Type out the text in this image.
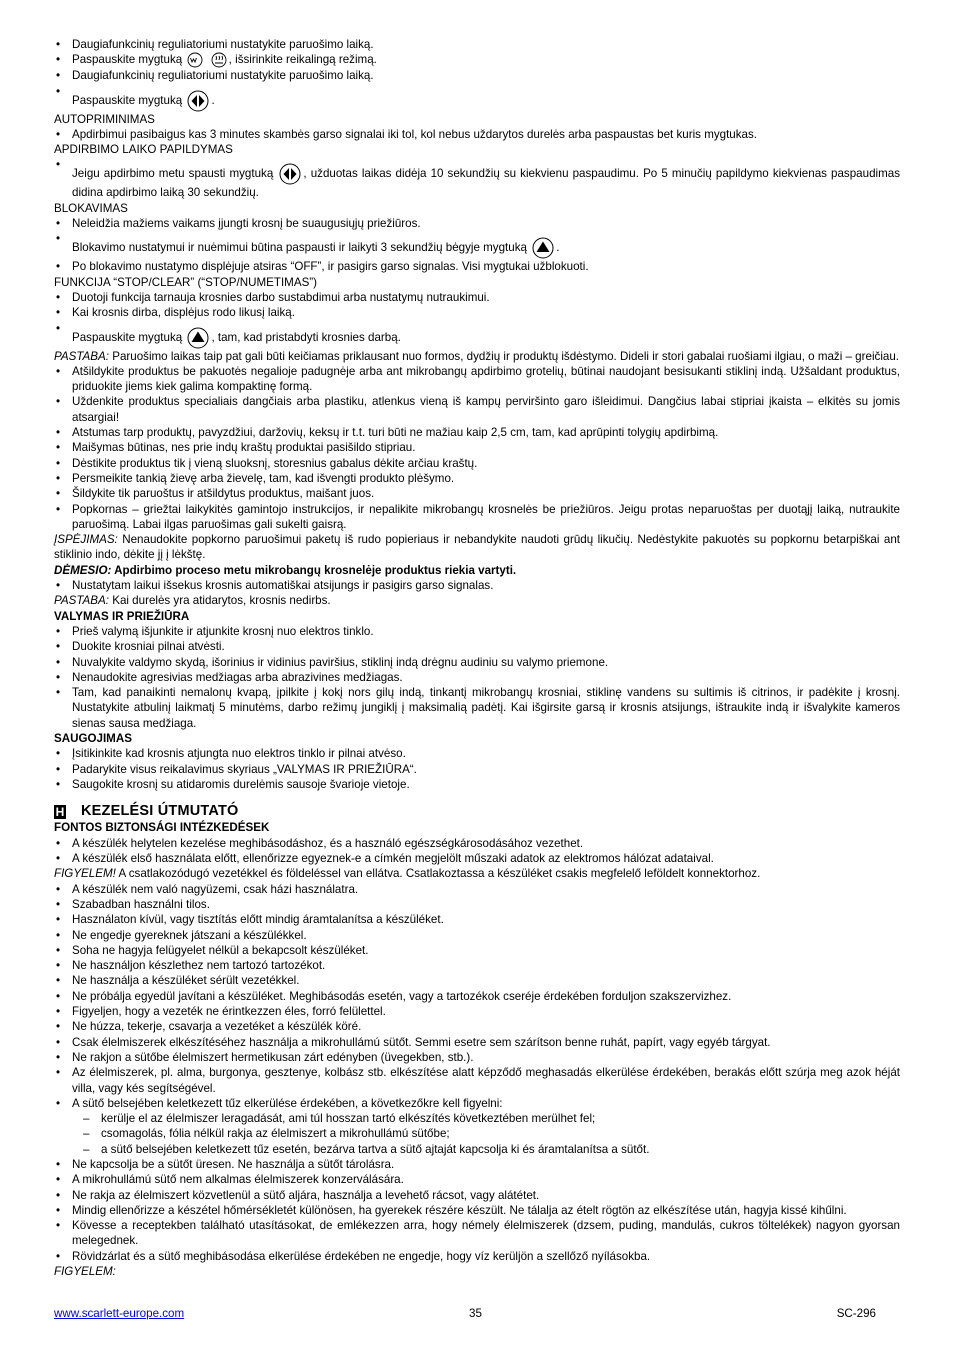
• Daugiafunkcinių reguliatoriumi nustatykite paruošimo laiką.

• Paspauskite mygtuką
	, išsirinkite reikalingą režimą.

• Daugiafunkcinių reguliatoriumi nustatykite paruošimo laiką.

• Paspauskite mygtuką	.

AUTOPRIMINIMAS

• Apdirbimui pasibaigus kas 3 minutes skambės garso signalai iki tol, kol nebus uždarytos durelės arba paspaustas bet kuris mygtukas.

APDIRBIMO LAIKO PAPILDYMAS

• Jeigu apdirbimo metu spausti mygtuką	, užduotas laikas didėja 10 sekundžių su kiekvienu paspaudimu. Po 5 minučių papildymo kiekvienas paspaudimas didina apdirbimo laiką 30 sekundžių.

BLOKAVIMAS

• Neleidžia mažiems vaikams įjungti krosnį be suaugusiųjų priežiūros.

• Blokavimo nustatymui ir nuėmimui būtina paspausti ir laikyti 3 sekundžių bėgyje mygtuką	.

• Po blokavimo nustatymo displėjuje atsiras “OFF”, ir pasigirs garso signalas. Visi mygtukai užblokuoti.

FUNKCIJA “STOP/CLEAR” (“STOP/NUMETIMAS”)

• Duotoji funkcija tarnauja krosnies darbo sustabdimui arba nustatymų nutraukimui.

• Kai krosnis dirba, displėjus rodo likusį laiką.

• Paspauskite mygtuką	, tam, kad pristabdyti krosnies darbą.

PASTABA: Paruošimo laikas taip pat gali būti keičiamas priklausant nuo formos, dydžių ir produktų išdėstymo. Dideli ir stori gabalai ruošiami ilgiau, o maži – greičiau.

• Atšildykite produktus be pakuotės negalioje padugnėje arba ant mikrobangų apdirbimo grotelių, būtinai naudojant besisukanti stiklinį indą. Užšaldant produktus, priduokite jiems kiek galima kompaktinę formą.

• Uždenkite produktus specialiais dangčiais arba plastiku, atlenkus vieną iš kampų perviršinto garo išleidimui. Dangčius labai stipriai įkaista – elkitės su jomis atsargiai!

• Atstumas tarp produktų, pavyzdžiui, daržovių, keksų ir t.t. turi būti ne mažiau kaip 2,5 cm, tam, kad aprūpinti tolygių apdirbimą.

• Maišymas būtinas, nes prie indų kraštų produktai pasišildo stipriau.

• Dėstikite produktus tik į vieną sluoksnį, storesnius gabalus dėkite arčiau kraštų.

• Persmeikite tankią žievę arba žievelę, tam, kad išvengti produkto plėšymo.

• Šildykite tik paruoštus ir atšildytus produktus, maišant juos.

• Popkornas – griežtai laikykitės gamintojo instrukcijos, ir nepalikite mikrobangų krosnelės be priežiūros. Jeigu protas neparuoštas per duotąjį laiką, nutraukite paruošimą. Labai ilgas paruošimas gali sukelti gaisrą.

ĮSPĖJIMAS: Nenaudokite popkorno paruošimui paketų iš rudo popieriaus ir nebandykite naudoti grūdų likučių. Nedėstykite pakuotės su popkornu betarpiškai ant stiklinio indo, dėkite jį į lėkštę.

DĖMESIO: Apdirbimo proceso metu mikrobangų krosnelėje produktus riekia vartyti.

• Nustatytam laikui išsekus krosnis automatiškai atsijungs ir pasigirs garso signalas.

PASTABA: Kai durelės yra atidarytos, krosnis nedirbs.

VALYMAS IR PRIEŽIŪRA

• Prieš valymą išjunkite ir atjunkite krosnį nuo elektros tinklo.

• Duokite krosniai pilnai atvėsti.

• Nuvalykite valdymo skydą, išorinius ir vidinius paviršius, stiklinį indą drėgnu audiniu su valymo priemone.

• Nenaudokite agresivias medžiagas arba abrazivines medžiagas.

• Tam, kad panaikinti nemalonų kvapą, įpilkite į kokį nors gilų indą, tinkantį mikrobangų krosniai, stiklinę vandens su sultimis iš citrinos, ir padėkite į krosnį. Nustatykite atbulinį laikmatį 5 minutėms, darbo režimų jungiklį į maksimalią padėtį. Kai išgirsite garsą ir krosnis atsijungs, ištraukite indą ir išvalykite kameros sienas sausa medžiaga.

SAUGOJIMAS

• Įsitikinkite kad krosnis atjungta nuo elektros tinklo ir pilnai atvėso.

• Padarykite visus reikalavimus skyriaus „VALYMAS IR PRIEŽIŪRA“.

• Saugokite krosnį su atidaromis durelėmis sausoje švarioje vietoje.

H KEZELÉSI ÚTMUTATÓ

FONTOS BIZTONSÁGI INTÉZKEDÉSEK

• A készülék helytelen kezelése meghibásodáshoz, és a használó egészségkárosodásához vezethet.

• A készülék első használata előtt, ellenőrizze egyeznek-e a címkén megjelölt műszaki adatok az elektromos hálózat adataival.

FIGYELEM! A csatlakozódugó vezetékkel és földeléssel van ellátva. Csatlakoztassa a készüléket csakis megfelelő leföldelt konnektorhoz.

• A készülék nem való nagyüzemi, csak házi használatra.

• Szabadban használni tilos.

• Használaton kívül, vagy tisztítás előtt mindig áramtalanítsa a készüléket.

• Ne engedje gyereknek játszani a készülékkel.

• Soha ne hagyja felügyelet nélkül a bekapcsolt készüléket.

• Ne használjon készlethez nem tartozó tartozékot.

• Ne használja a készüléket sérült vezetékkel.

• Ne próbálja egyedül javítani a készüléket. Meghibásodás esetén, vagy a tartozékok cseréje érdekében forduljon szakszervizhez.

• Figyeljen, hogy a vezeték ne érintkezzen éles, forró felülettel.

• Ne húzza, tekerje, csavarja a vezetéket a készülék köré.

• Csak élelmiszerek elkészítéséhez használja a mikrohullámú sütőt. Semmi esetre sem szárítson benne ruhát, papírt, vagy egyéb tárgyat.

• Ne rakjon a sütőbe élelmiszert hermetikusan zárt edényben (üvegekben, stb.).

• Az élelmiszerek, pl. alma, burgonya, gesztenye, kolbász stb. elkészítése alatt képződő meghasadás elkerülése érdekében, berakás előtt szúrja meg azok héját villa, vagy kés segítségével.

• A sütő belsejében keletkezett tűz elkerülése érdekében, a következőkre kell figyelni:

– kerülje el az élelmiszer leragadását, ami túl hosszan tartó elkészítés következtében merülhet fel;

– csomagolás, fólia nélkül rakja az élelmiszert a mikrohullámú sütőbe;

– a sütő belsejében keletkezett tűz esetén, bezárva tartva a sütő ajtaját kapcsolja ki és áramtalanítsa a sütőt.

• Ne kapcsolja be a sütőt üresen. Ne használja a sütőt tárolásra.

• A mikrohullámú sütő nem alkalmas élelmiszerek konzerválására.

• Ne rakja az élelmiszert közvetlenül a sütő aljára, használja a levehető rácsot, vagy alátétet.

• Mindig ellenőrizze a készétel hőmérsékletét különösen, ha gyerekek részére készült. Ne tálalja az ételt rögtön az elkészítése után, hagyja kissé kihűlni.

• Kövesse a receptekben található utasításokat, de emlékezzen arra, hogy némely élelmiszerek (dzsem, puding, mandulás, cukros töltelékek) nagyon gyorsan melegednek.

• Rövidzárlat és a sütő meghibásodása elkerülése érdekében ne engedje, hogy víz kerüljön a szellőző nyílásokba.

FIGYELEM:

www.scarlett-europe.com	35	SC-296
